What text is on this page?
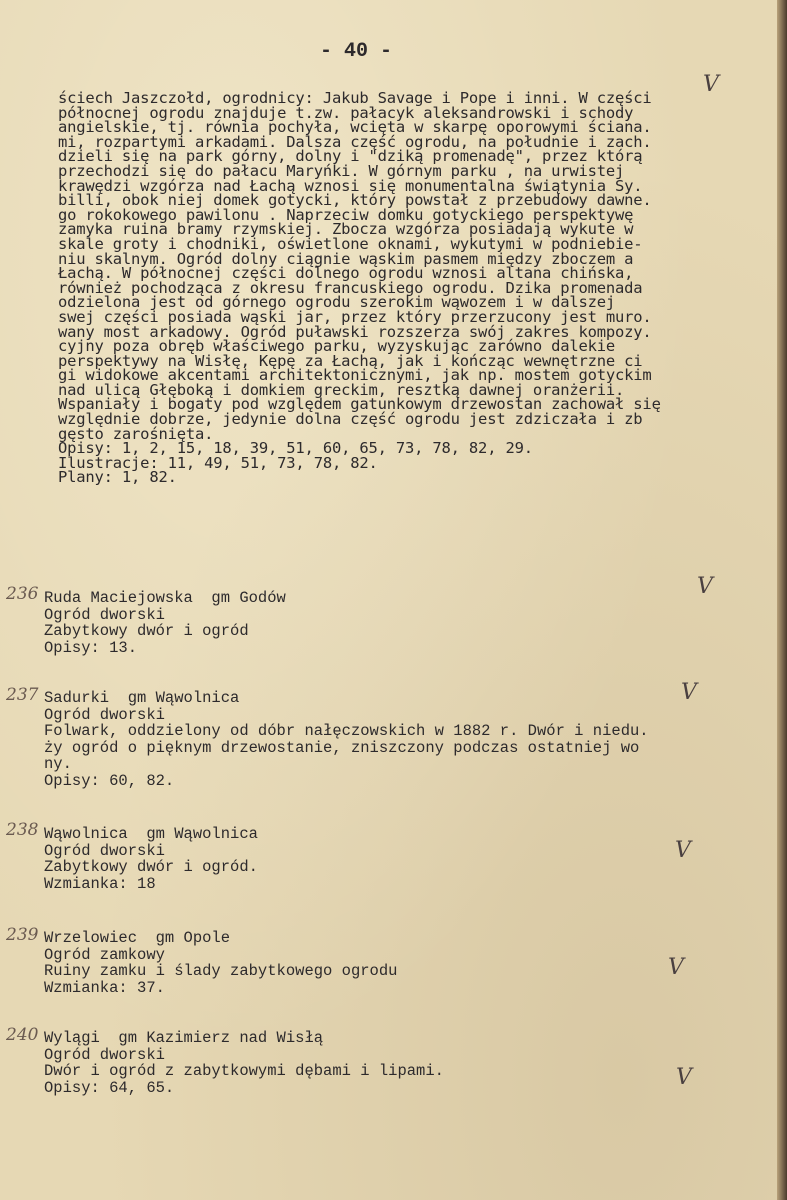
- 40 -
ściech Jaszczołd, ogrodnicy: Jakub Savage i Pope i inni. W części
północnej ogrodu znajduje t.zw. pałacyk aleksandrowski i schody
angielskie, tj. równia pochyła, wcięta w skarpę oporowymi ściana.
mi, rozpartymi arkadami. Dalsza część ogrodu, na południe i zach.
dzieli się na park górny, dolny i "dziką promenadę", przez którą
przechodzi się do pałacu Maryńki. W górnym parku , na urwistej
krawędzi wzgórza nad Łachą wznosi się monumentalna świątynia Sy.
billi, obok niej domek gotycki, który powstał z przebudowy dawne.
go rokokowego pawilonu . Naprzeciw domku gotyckiego perspektywę
zamyka ruina bramy rzymskiej. Zbocza wzgórza posiadają wykute w
skale groty i chodniki, oświetlone oknami, wykutymi w podniebie-
niu skalnym. Ogród dolny ciągnie wąskim pasmem między zboczem a
Łachą. W północnej części dolnego ogrodu wznosi altana chińska,
również pochodząca z okresu francuskiego ogrodu. Dzika promenada
odzielona jest od górnego ogrodu szerokim wąwozem i w dalszej
swej części posiada wąski jar, przez który przerzucony jest muro.
wany most arkadowy. Ogród puławski rozszerza swój zakres kompozy.
cyjny poza obręb właściwego parku, wyzyskując zarówno dalekie
perspektywy na Wisłę, Kępę za Łachą, jak i kończąc wewnętrzne ci
gi widokowe akcentami architektonicznymi, jak np. mostem gotyckim
nad ulicą Głęboką i domkiem greckim, resztką dawnej oranżerii.
Wspaniały i bogaty pod względem gatunkowym drzewostan zachował się
względnie dobrze, jedynie dolna część ogrodu jest zdziczała i zb
gęsto zarośnięta.
Opisy: 1, 2, 15, 18, 39, 51, 60, 65, 73, 78, 82, 29.
Ilustracje: 11, 49, 51, 73, 78, 82.
Plany: 1, 82.
V
236 Ruda Maciejowska  gm Godów
Ogród dworski
Zabytkowy dwór i ogród
Opisy: 13.
V
237 Sadurki  gm Wąwolnica
Ogród dworski
Folwark, oddzielony od dóbr nałęczowskich w 1882 r. Dwór i niedu.
ży ogród o pięknym drzewostanie, zniszczony podczas ostatniej wo
ny.
Opisy: 60, 82.
V
238 Wąwolnica  gm Wąwolnica
Ogród dworski
Zabytkowy dwór i ogród.
Wzmianka: 18
V
239 Wrzelowiec  gm Opole
Ogród zamkowy
Ruiny zamku i ślady zabytkowego ogrodu
Wzmianka: 37.
V
240 Wylągi  gm Kazimierz nad Wisłą
Ogród dworski
Dwór i ogród z zabytkowymi dębami i lipami.
Opisy: 64, 65.	V
